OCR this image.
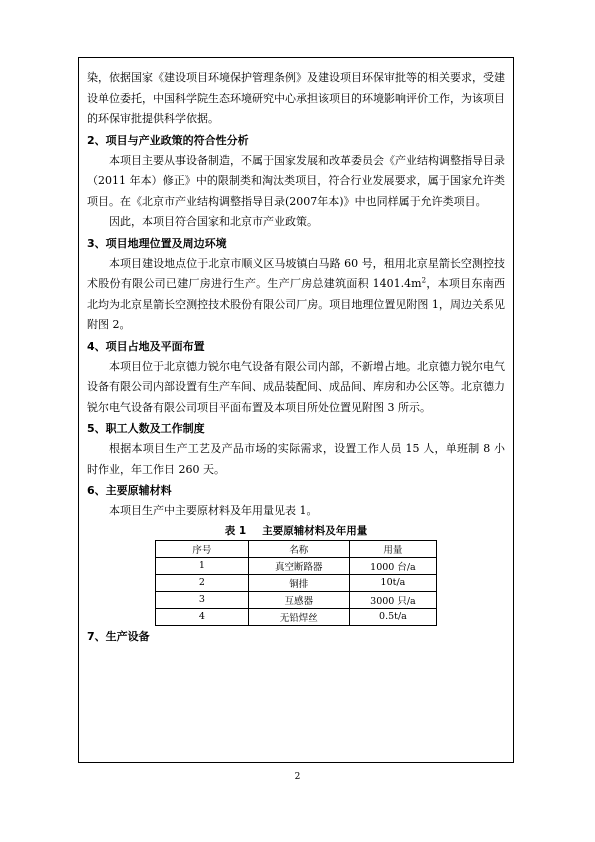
染，依据国家《建设项目环境保护管理条例》及建设项目环保审批等的相关要求，受建设单位委托，中国科学院生态环境研究中心承担该项目的环境影响评价工作，为该项目的环保审批提供科学依据。

2、项目与产业政策的符合性分析

本项目主要从事设备制造，不属于国家发展和改革委员会《产业结构调整指导目录（2011 年本）修正》中的限制类和淘汰类项目，符合行业发展要求，属于国家允许类项目。在《北京市产业结构调整指导目录(2007年本)》中也同样属于允许类项目。

因此，本项目符合国家和北京市产业政策。

3、项目地理位置及周边环境

本项目建设地点位于北京市顺义区马坡镇白马路 60 号，租用北京星箭长空测控技术股份有限公司已建厂房进行生产。生产厂房总建筑面积 $1401.4m^2$，本项目东南西北均为北京星箭长空测控技术股份有限公司厂房。项目地理位置见附图 1，周边关系见附图 2。

4、项目占地及平面布置

本项目位于北京德力锐尔电气设备有限公司内部，不新增占地。北京德力锐尔电气设备有限公司内部设置有生产车间、成品装配间、成品间、库房和办公区等。北京德力锐尔电气设备有限公司项目平面布置及本项目所处位置见附图 3 所示。

5、职工人数及工作制度

根据本项目生产工艺及产品市场的实际需求，设置工作人员 15 人，单班制 8 小时作业，年工作日 260 天。

6、主要原辅材料

本项目生产中主要原材料及年用量见表 1。

表 1 主要原辅材料及年用量
序号	名称	用量
1	真空断路器	1000 台/a
2	铜排	10t/a
3	互感器	3000 只/a
4	无铅焊丝	0.5t/a
7、生产设备
2
